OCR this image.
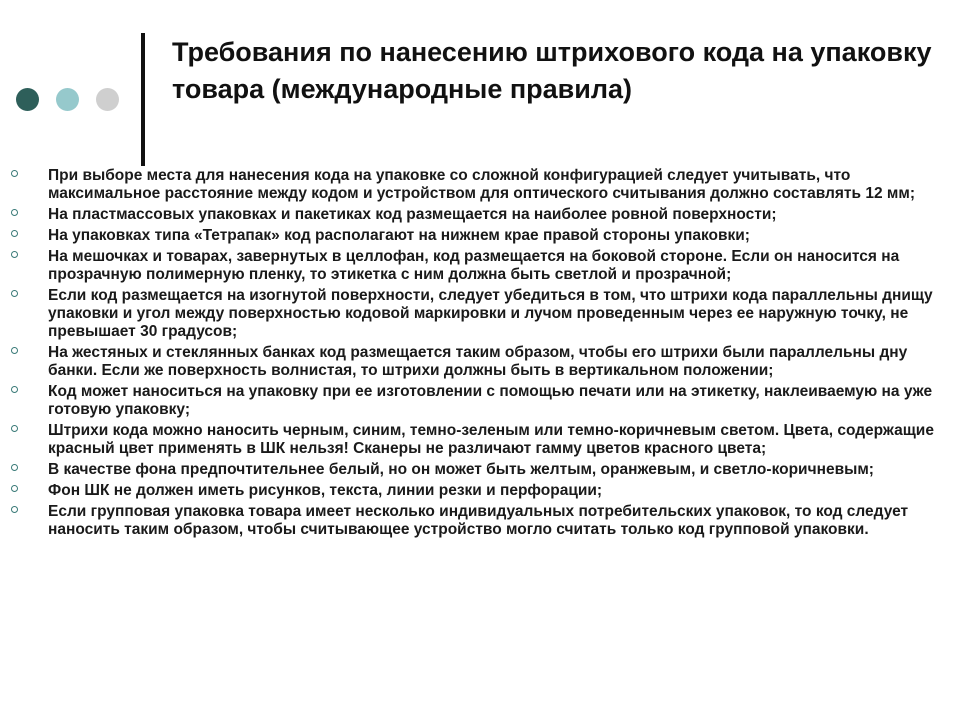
Требования по нанесению штрихового кода на упаковку товара (международные правила)
При выборе места для нанесения кода на упаковке со сложной конфигурацией следует учитывать, что максимальное расстояние между кодом и устройством для оптического считывания должно составлять 12 мм;
На пластмассовых упаковках и пакетиках код размещается на наиболее ровной поверхности;
На упаковках типа «Тетрапак» код располагают на нижнем крае правой стороны упаковки;
На мешочках и товарах, завернутых в целлофан, код размещается на боковой стороне. Если он наносится на прозрачную полимерную пленку, то этикетка с ним должна быть светлой и прозрачной;
Если код размещается на изогнутой поверхности, следует убедиться в том, что штрихи кода параллельны днищу упаковки и угол между поверхностью кодовой маркировки и лучом проведенным через ее наружную точку, не превышает 30 градусов;
На жестяных и стеклянных банках код размещается таким образом, чтобы его штрихи были параллельны дну банки. Если же поверхность волнистая, то штрихи должны быть в вертикальном положении;
Код может наноситься на упаковку при ее изготовлении с помощью печати или на этикетку, наклеиваемую на уже готовую упаковку;
Штрихи кода можно наносить черным, синим, темно-зеленым или темно-коричневым светом. Цвета, содержащие красный цвет применять в ШК нельзя! Сканеры не различают гамму цветов красного цвета;
В качестве фона предпочтительнее белый, но он может быть желтым, оранжевым, и светло-коричневым;
Фон ШК не должен иметь рисунков, текста, линии резки и перфорации;
Если групповая упаковка товара имеет несколько индивидуальных потребительских упаковок, то код следует наносить таким образом, чтобы считывающее устройство могло считать только код групповой упаковки.
